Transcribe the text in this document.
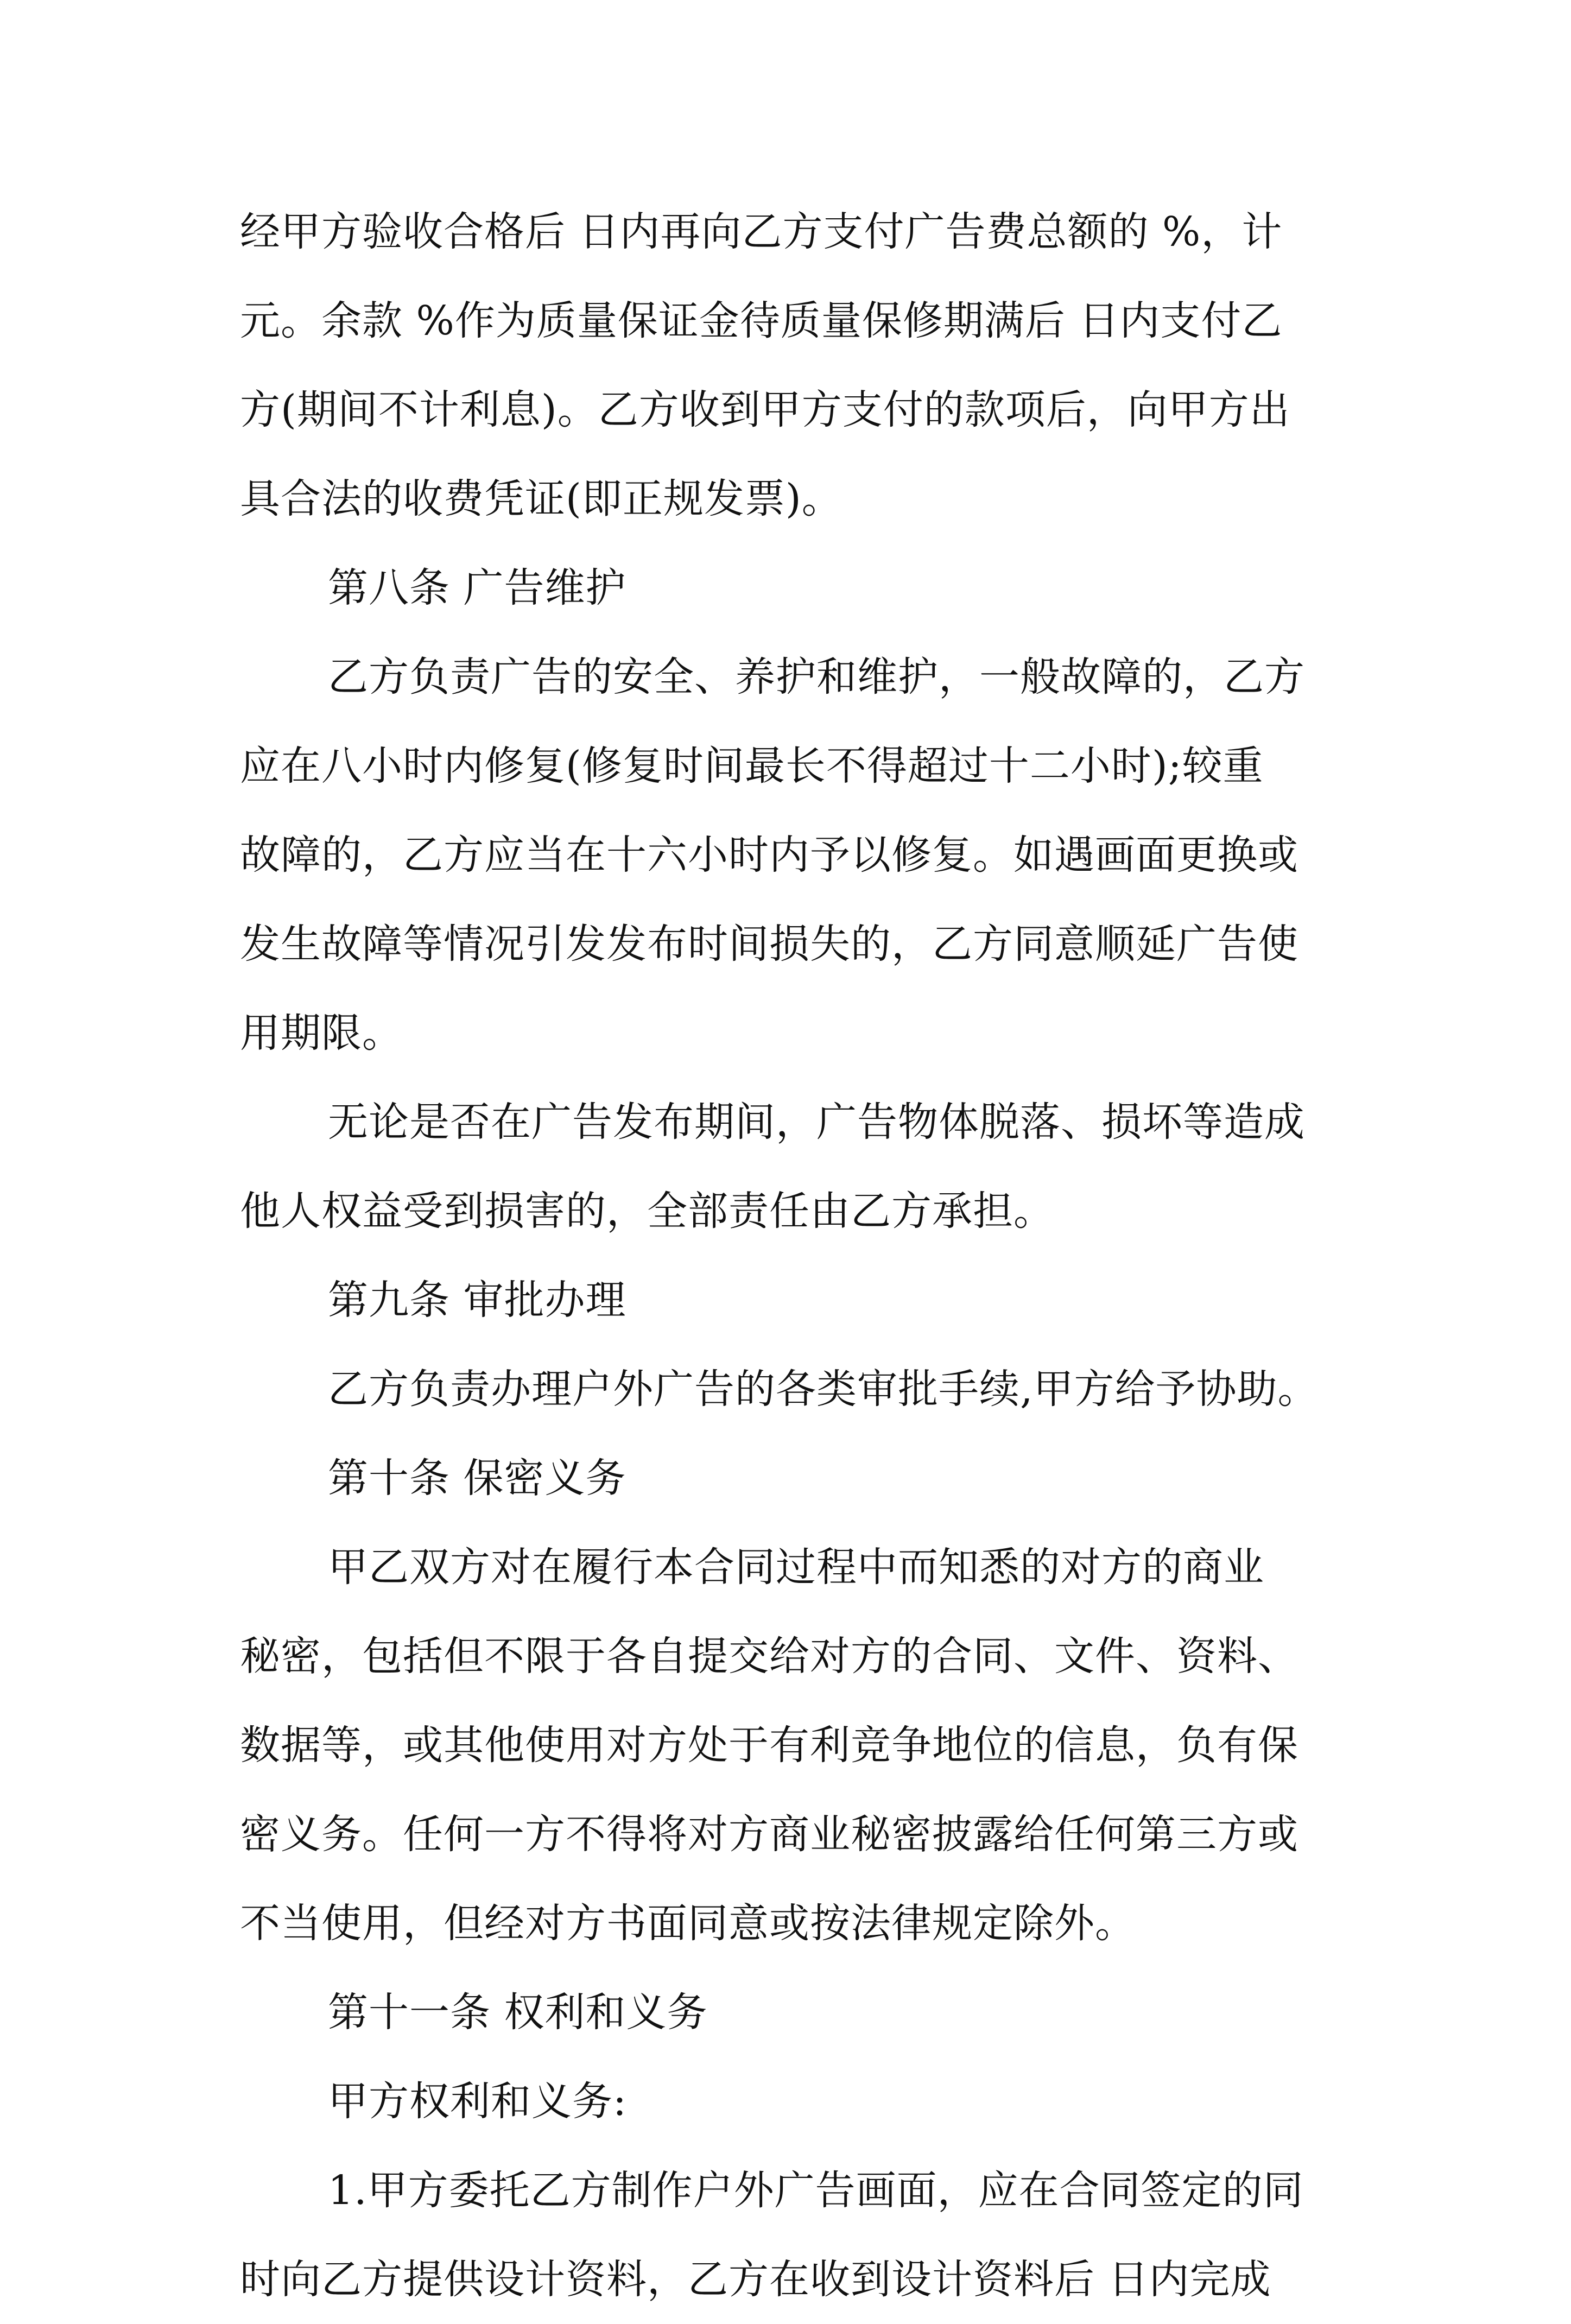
经甲方验收合格后 日内再向乙方支付广告费总额的 %，计
元。余款 %作为质量保证金待质量保修期满后 日内支付乙
方(期间不计利息)。乙方收到甲方支付的款项后，向甲方出
具合法的收费凭证(即正规发票)。
第八条 广告维护
乙方负责广告的安全、养护和维护，一般故障的，乙方
应在八小时内修复(修复时间最长不得超过十二小时);较重
故障的，乙方应当在十六小时内予以修复。如遇画面更换或
发生故障等情况引发发布时间损失的，乙方同意顺延广告使
用期限。
无论是否在广告发布期间，广告物体脱落、损坏等造成
他人权益受到损害的，全部责任由乙方承担。
第九条 审批办理
乙方负责办理户外广告的各类审批手续,甲方给予协助。
第十条 保密义务
甲乙双方对在履行本合同过程中而知悉的对方的商业
秘密，包括但不限于各自提交给对方的合同、文件、资料、
数据等，或其他使用对方处于有利竞争地位的信息，负有保
密义务。任何一方不得将对方商业秘密披露给任何第三方或
不当使用，但经对方书面同意或按法律规定除外。
第十一条 权利和义务
甲方权利和义务:
1.甲方委托乙方制作户外广告画面，应在合同签定的同
时向乙方提供设计资料，乙方在收到设计资料后 日内完成
